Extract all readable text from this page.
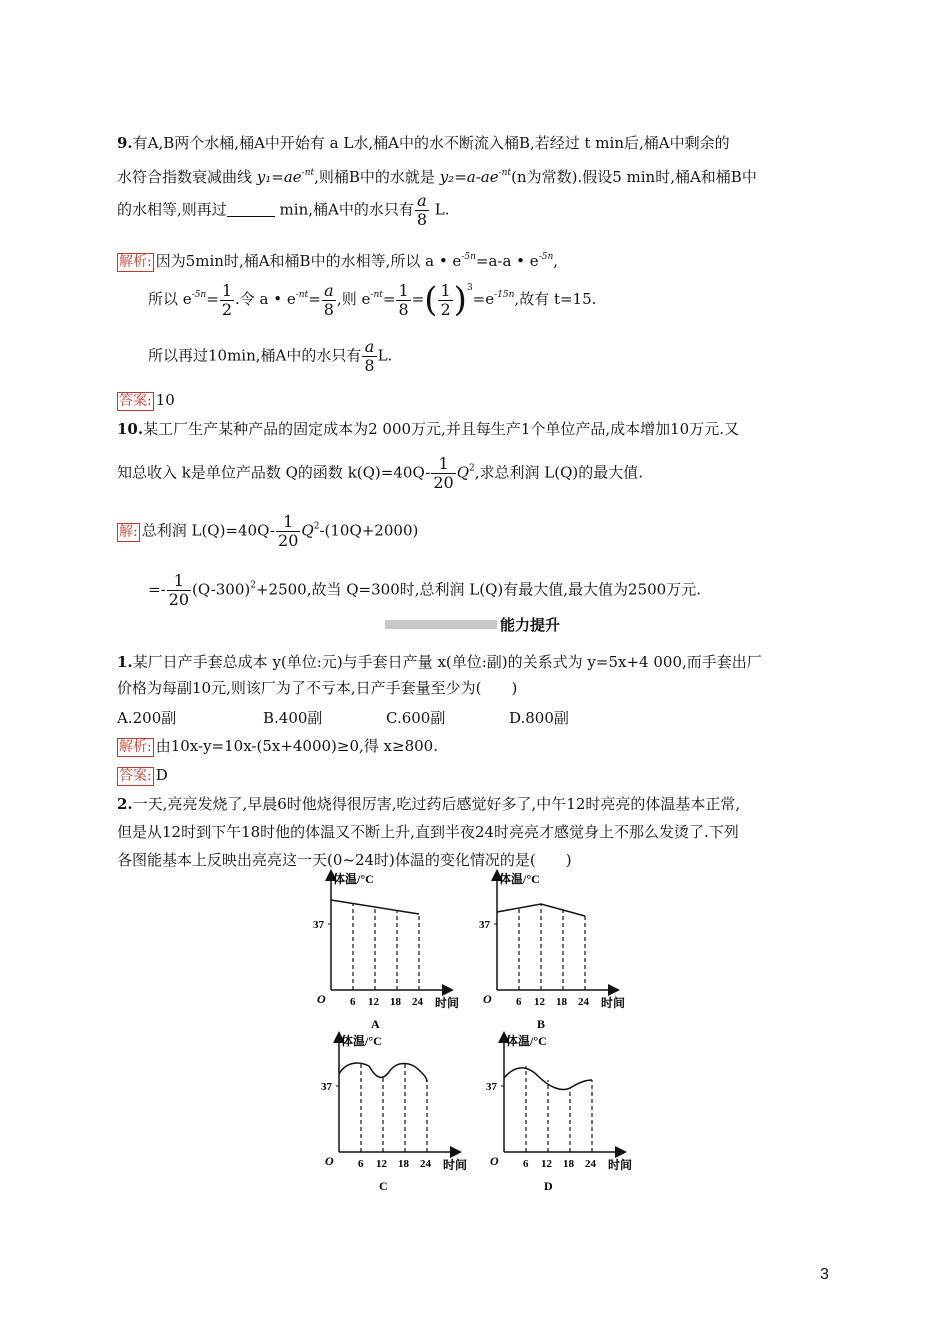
9.有A,B两个水桶,桶A中开始有 a L水,桶A中的水不断流入桶B,若经过 t min后,桶A中剩余的
水符合指数衰减曲线 $y_1=ae^{-nt}$,则桶B中的水就是 $y_2=a-ae^{-nt}(n$为常数).假设5 min时,桶A和桶B中
的水相等,则再过	min,桶A中的水只有 $\frac{a}{8} L$.
解析: 因为5min时,桶A和桶B中的水相等,所以 a • $e^{-5n}=a-a$ • $e^{-5n}$,
所以 $e^{-5n}= \frac{1}{2}$ .令 a • $e^{-nt}= \frac{a}{8}$ ,则 $e^{-nt}= \frac{1}{8}$ =( $\frac{1}{2} )^3=e^{-15n}$,故有 t=15.
所以再过10min,桶A中的水只有 $\frac{a}{8} L$.
答案: 10
10.某工厂生产某种产品的固定成本为2 000万元,并且每生产1个单位产品,成本增加10万元.又
知总收入 k是单位产品数 Q的函数 $k(Q)=40Q- \frac{1}{20} Q^2$,求总利润 L(Q)的最大值.
解: 总利润 $L(Q)=40Q- \frac{1}{20} Q^2-(10Q+2000)$
=- $\frac{1}{20} (Q-300)^2+2500$,故当 Q=300时,总利润 L(Q)有最大值,最大值为2500万元.
能力提升
1.某厂日产手套总成本 y(单位:元)与手套日产量 x(单位:副)的关系式为 y=5x+4 000,而手套出厂
价格为每副10元,则该厂为了不亏本,日产手套量至少为(　　)
A.200副	B.400副	C.600副	D.800副
解析: 由10x-y=10x-(5x+4000)≥0,得 x≥800.
答案: D
2.一天,亮亮发烧了,早晨6时他烧得很厉害,吃过药后感觉好多了,中午12时亮亮的体温基本正常,
但是从12时到下午18时他的体温又不断上升,直到半夜24时亮亮才感觉身上不那么发烫了.下列
各图能基本上反映出亮亮这一天(0~24时)体温的变化情况的是(　　)
37
体温/°C
6 12 18 24
O	时间
A
37
体温/°C
6 12 18 24
O	时间
B
37
体温/°C
6 12 18 24
O	时间
C
37
体温/°C
6 12 18 24
O	时间
D
3
